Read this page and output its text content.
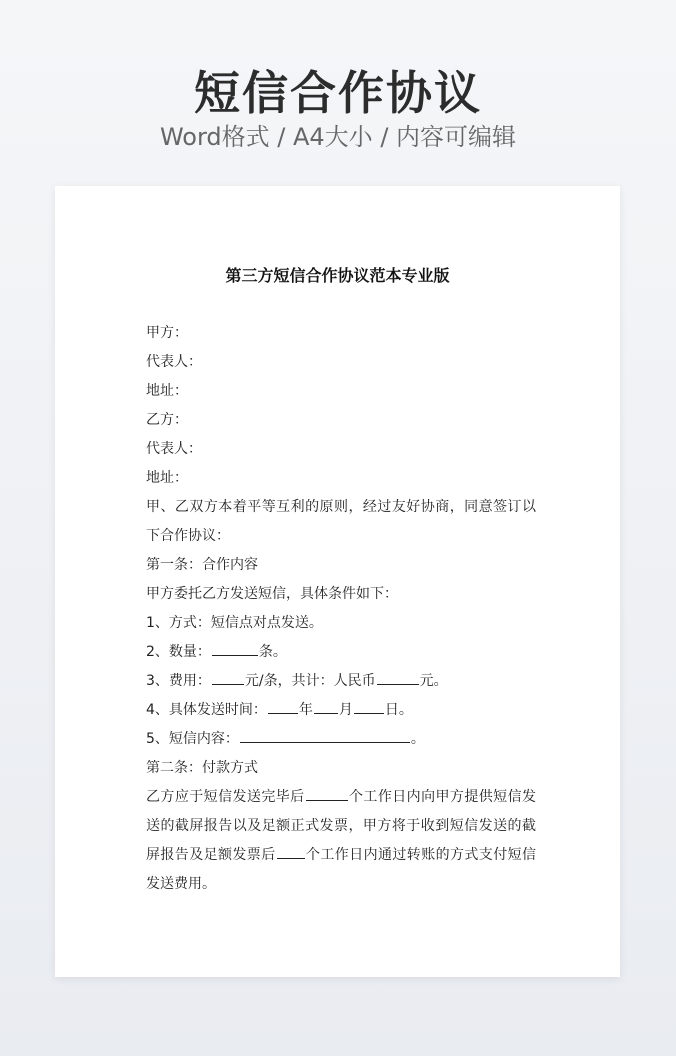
短信合作协议
Word格式 / A4大小 / 内容可编辑
第三方短信合作协议范本专业版
甲方：
代表人：
地址：
乙方：
代表人：
地址：
甲、乙双方本着平等互利的原则，经过友好协商，同意签订以下合作协议：
第一条：合作内容
甲方委托乙方发送短信，具体条件如下：
1、方式：短信点对点发送。
2、数量：	条。
3、费用： 元/条，共计：人民币	元。
4、具体发送时间： 年 月 日。
5、短信内容：	。
第二条：付款方式
乙方应于短信发送完毕后	个工作日内向甲方提供短信发送的截屏报告以及足额正式发票，甲方将于收到短信发送的截屏报告及足额发票后 个工作日内通过转账的方式支付短信发送费用。
